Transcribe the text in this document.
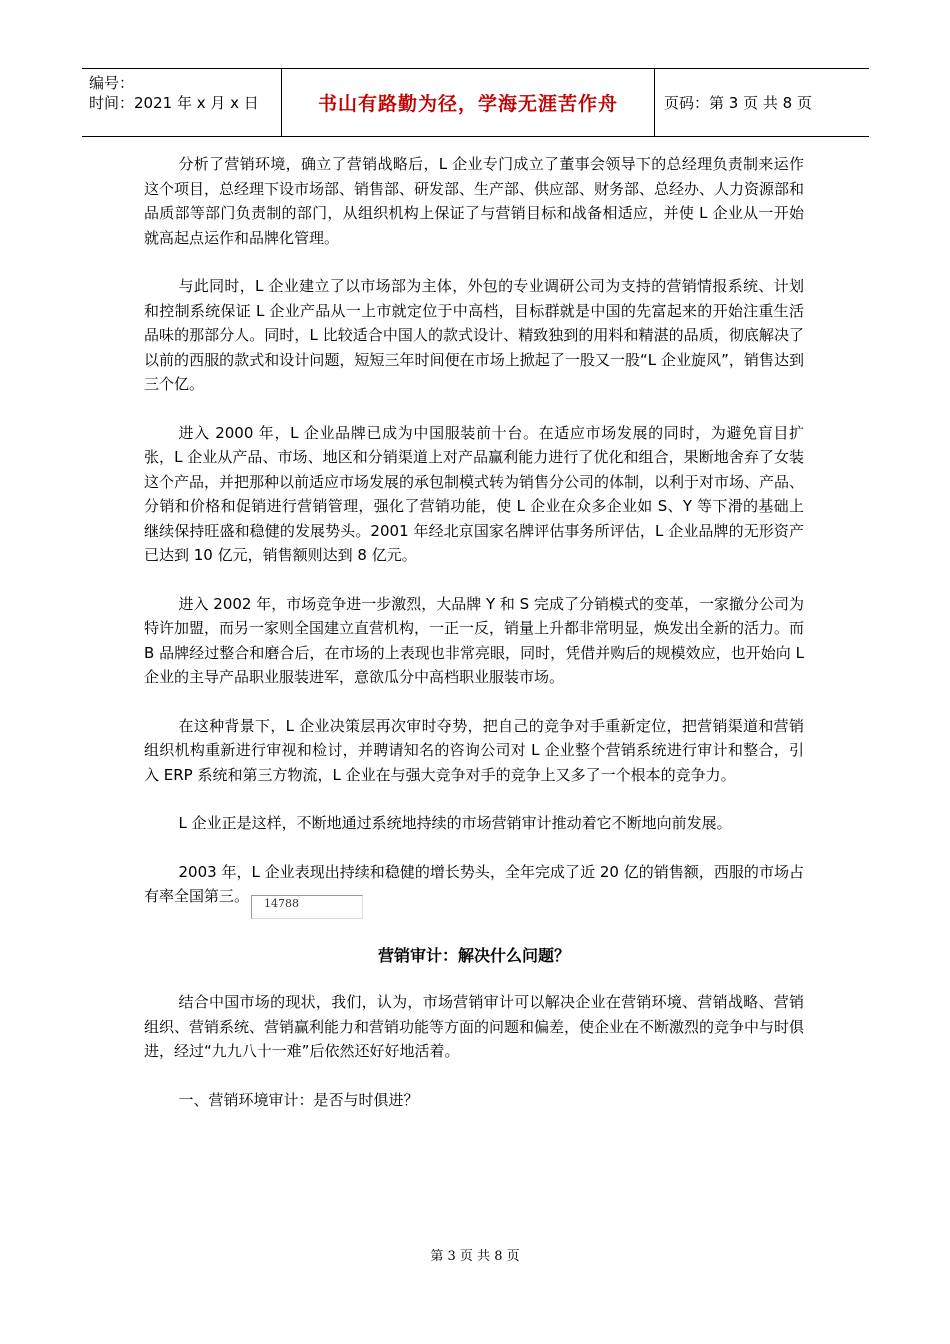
编号：
时间：2021 年 x 月 x 日	书山有路勤为径，学海无涯苦作舟	页码：第 3 页 共 8 页

分析了营销环境，确立了营销战略后，L 企业专门成立了董事会领导下的总经理负责制来运作这个项目，总经理下设市场部、销售部、研发部、生产部、供应部、财务部、总经办、人力资源部和品质部等部门负责制的部门，从组织机构上保证了与营销目标和战备相适应，并使 L 企业从一开始就高起点运作和品牌化管理。

与此同时，L 企业建立了以市场部为主体，外包的专业调研公司为支持的营销情报系统、计划和控制系统保证 L 企业产品从一上市就定位于中高档，目标群就是中国的先富起来的开始注重生活品味的那部分人。同时，L 比较适合中国人的款式设计、精致独到的用料和精湛的品质，彻底解决了以前的西服的款式和设计问题，短短三年时间便在市场上掀起了一股又一股“L 企业旋风”，销售达到三个亿。

进入 2000 年，L 企业品牌已成为中国服装前十台。在适应市场发展的同时，为避免盲目扩张，L 企业从产品、市场、地区和分销渠道上对产品赢利能力进行了优化和组合，果断地舍弃了女装这个产品，并把那种以前适应市场发展的承包制模式转为销售分公司的体制，以利于对市场、产品、分销和价格和促销进行营销管理，强化了营销功能，使 L 企业在众多企业如 S、Y 等下滑的基础上继续保持旺盛和稳健的发展势头。2001 年经北京国家名牌评估事务所评估，L 企业品牌的无形资产已达到 10 亿元，销售额则达到 8 亿元。

进入 2002 年，市场竞争进一步激烈，大品牌 Y 和 S 完成了分销模式的变革，一家撤分公司为特许加盟，而另一家则全国建立直营机构，一正一反，销量上升都非常明显，焕发出全新的活力。而 B 品牌经过整合和磨合后，在市场的上表现也非常亮眼，同时，凭借并购后的规模效应，也开始向 L 企业的主导产品职业服装进军，意欲瓜分中高档职业服装市场。

在这种背景下，L 企业决策层再次审时夺势，把自己的竞争对手重新定位，把营销渠道和营销组织机构重新进行审视和检讨，并聘请知名的咨询公司对 L 企业整个营销系统进行审计和整合，引入 ERP 系统和第三方物流，L 企业在与强大竞争对手的竞争上又多了一个根本的竞争力。

L 企业正是这样，不断地通过系统地持续的市场营销审计推动着它不断地向前发展。

2003 年，L 企业表现出持续和稳健的增长势头，全年完成了近 20 亿的销售额，西服的市场占有率全国第三。 14788

营销审计：解决什么问题？

结合中国市场的现状，我们，认为，市场营销审计可以解决企业在营销环境、营销战略、营销组织、营销系统、营销赢利能力和营销功能等方面的问题和偏差，使企业在不断激烈的竞争中与时俱进，经过“九九八十一难”后依然还好好地活着。

一、营销环境审计：是否与时俱进？

第 3 页 共 8 页
